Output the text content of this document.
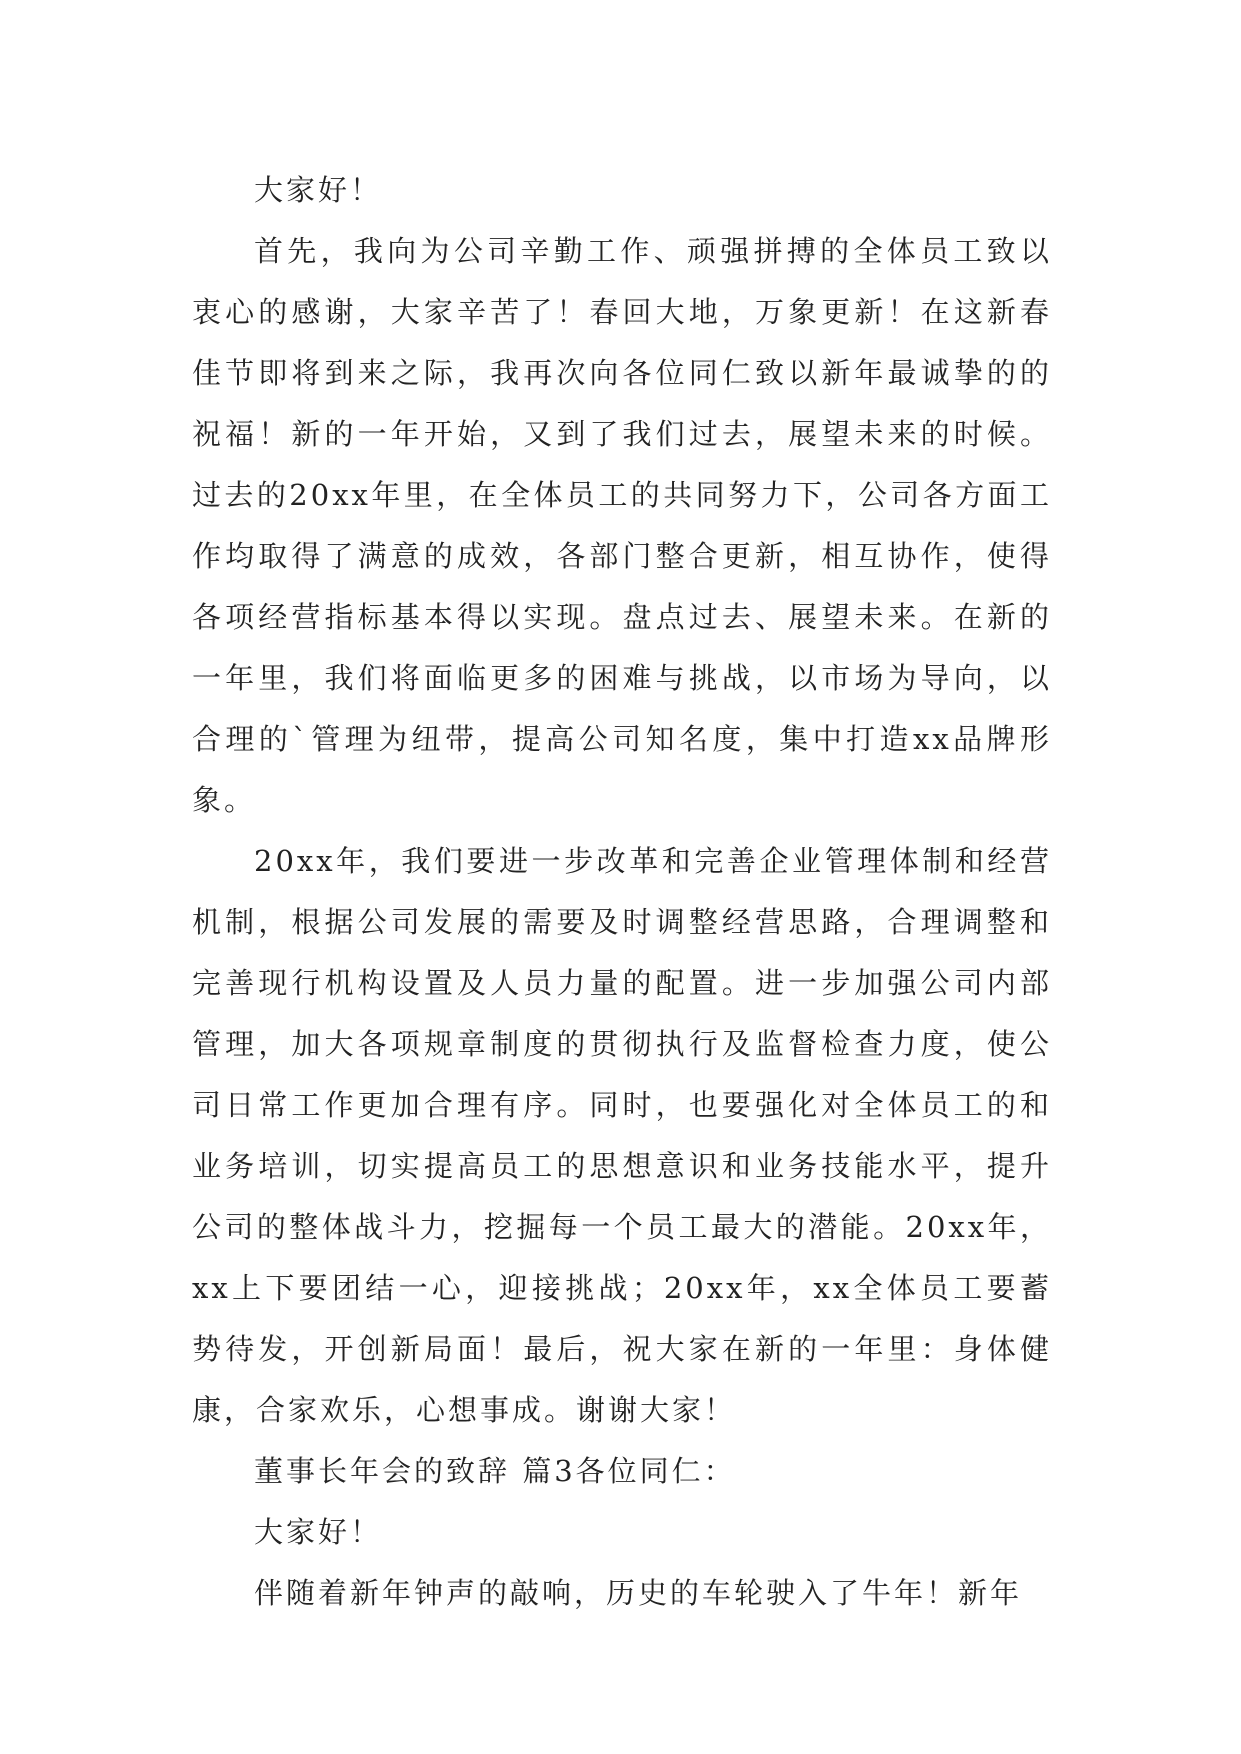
大家好！

首先，我向为公司辛勤工作、顽强拼搏的全体员工致以衷心的感谢，大家辛苦了！春回大地，万象更新！在这新春佳节即将到来之际，我再次向各位同仁致以新年最诚挚的的祝福！新的一年开始，又到了我们过去，展望未来的时候。过去的20xx年里，在全体员工的共同努力下，公司各方面工作均取得了满意的成效，各部门整合更新，相互协作，使得各项经营指标基本得以实现。盘点过去、展望未来。在新的一年里，我们将面临更多的困难与挑战，以市场为导向，以合理的`管理为纽带，提高公司知名度，集中打造xx品牌形象。

20xx年，我们要进一步改革和完善企业管理体制和经营机制，根据公司发展的需要及时调整经营思路，合理调整和完善现行机构设置及人员力量的配置。进一步加强公司内部管理，加大各项规章制度的贯彻执行及监督检查力度，使公司日常工作更加合理有序。同时，也要强化对全体员工的和业务培训，切实提高员工的思想意识和业务技能水平，提升公司的整体战斗力，挖掘每一个员工最大的潜能。20xx年，xx上下要团结一心，迎接挑战；20xx年，xx全体员工要蓄势待发，开创新局面！最后，祝大家在新的一年里：身体健康，合家欢乐，心想事成。谢谢大家！

董事长年会的致辞 篇3各位同仁：

大家好！

伴随着新年钟声的敲响，历史的车轮驶入了牛年！新年
